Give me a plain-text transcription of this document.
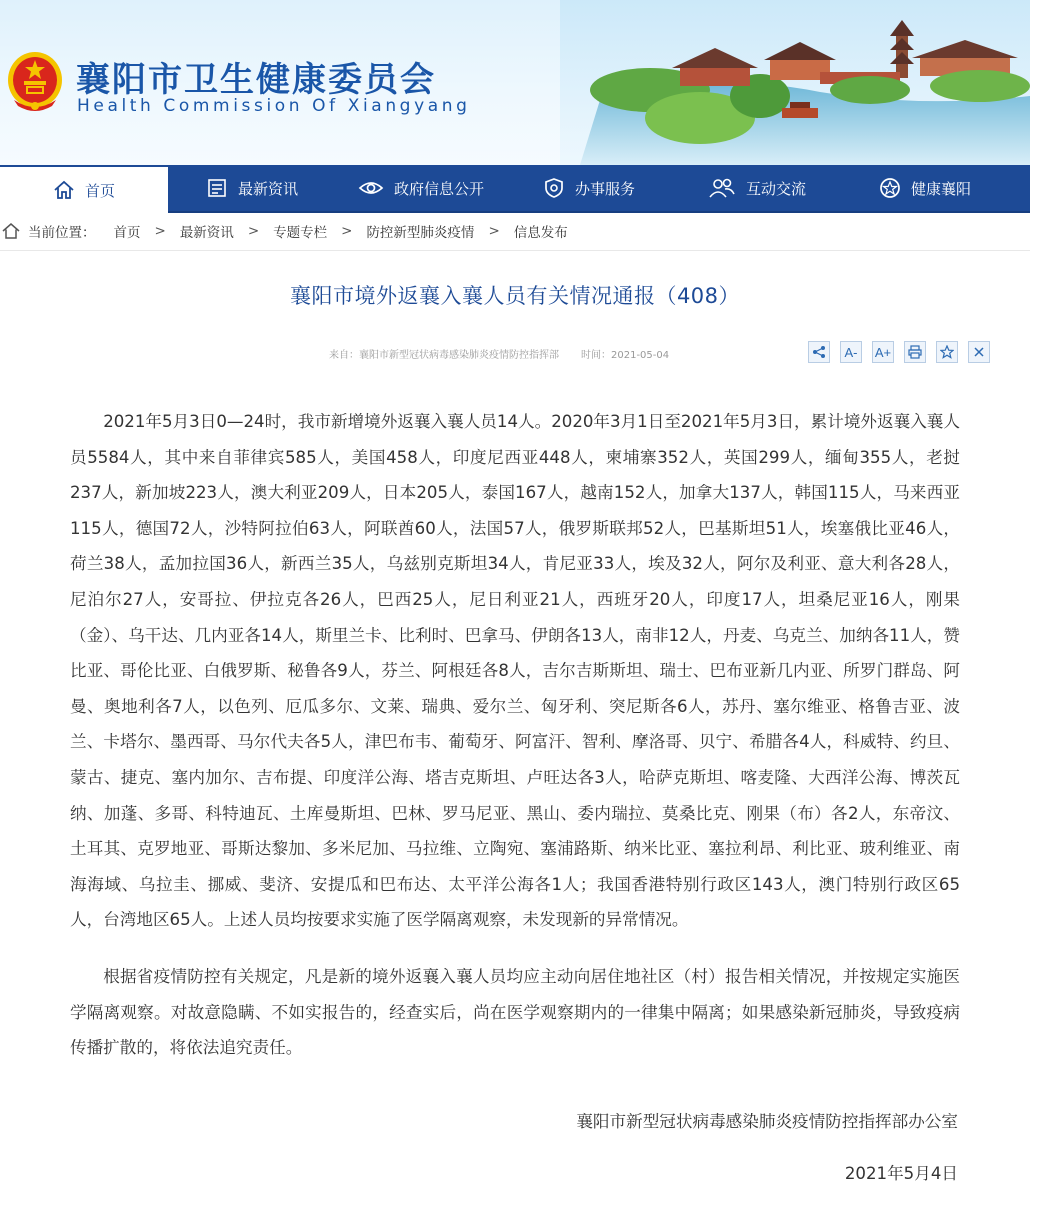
襄阳市卫生健康委员会
Health Commission Of Xiangyang
首页	最新资讯	政府信息公开	办事服务	互动交流	健康襄阳
当前位置： 首页 > 最新资讯 > 专题专栏 > 防控新型肺炎疫情 > 信息发布
襄阳市境外返襄入襄人员有关情况通报（408）
来自：襄阳市新型冠状病毒感染肺炎疫情防控指挥部 时间：2021-05-04	A-	A+

2021年5月3日0—24时，我市新增境外返襄入襄人员14人。2020年3月1日至2021年5月3日，累计境外返襄入襄人员5584人，其中来自菲律宾585人，美国458人，印度尼西亚448人，柬埔寨352人，英国299人，缅甸355人，老挝237人，新加坡223人，澳大利亚209人，日本205人，泰国167人，越南152人，加拿大137人，韩国115人，马来西亚115人，德国72人，沙特阿拉伯63人，阿联酋60人，法国57人，俄罗斯联邦52人，巴基斯坦51人，埃塞俄比亚46人，荷兰38人，孟加拉国36人，新西兰35人，乌兹别克斯坦34人，肯尼亚33人，埃及32人，阿尔及利亚、意大利各28人，尼泊尔27人，安哥拉、伊拉克各26人，巴西25人，尼日利亚21人，西班牙20人，印度17人，坦桑尼亚16人，刚果（金）、乌干达、几内亚各14人，斯里兰卡、比利时、巴拿马、伊朗各13人，南非12人，丹麦、乌克兰、加纳各11人，赞比亚、哥伦比亚、白俄罗斯、秘鲁各9人，芬兰、阿根廷各8人，吉尔吉斯斯坦、瑞士、巴布亚新几内亚、所罗门群岛、阿曼、奥地利各7人，以色列、厄瓜多尔、文莱、瑞典、爱尔兰、匈牙利、突尼斯各6人，苏丹、塞尔维亚、格鲁吉亚、波兰、卡塔尔、墨西哥、马尔代夫各5人，津巴布韦、葡萄牙、阿富汗、智利、摩洛哥、贝宁、希腊各4人，科威特、约旦、蒙古、捷克、塞内加尔、吉布提、印度洋公海、塔吉克斯坦、卢旺达各3人，哈萨克斯坦、喀麦隆、大西洋公海、博茨瓦纳、加蓬、多哥、科特迪瓦、土库曼斯坦、巴林、罗马尼亚、黑山、委内瑞拉、莫桑比克、刚果（布）各2人，东帝汶、土耳其、克罗地亚、哥斯达黎加、多米尼加、马拉维、立陶宛、塞浦路斯、纳米比亚、塞拉利昂、利比亚、玻利维亚、南海海域、乌拉圭、挪威、斐济、安提瓜和巴布达、太平洋公海各1人；我国香港特别行政区143人，澳门特别行政区65人，台湾地区65人。上述人员均按要求实施了医学隔离观察，未发现新的异常情况。

根据省疫情防控有关规定，凡是新的境外返襄入襄人员均应主动向居住地社区（村）报告相关情况，并按规定实施医学隔离观察。对故意隐瞒、不如实报告的，经查实后，尚在医学观察期内的一律集中隔离；如果感染新冠肺炎，导致疫病传播扩散的，将依法追究责任。

襄阳市新型冠状病毒感染肺炎疫情防控指挥部办公室
2021年5月4日
